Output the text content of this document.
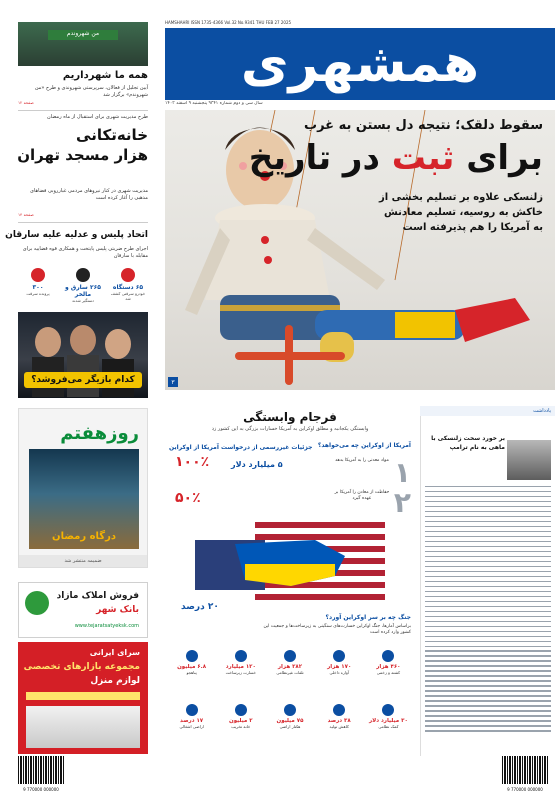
HAMSHAHRI ISSN 1735-4366 Vol.32 No.9341 THU FEB 27 2025
همشهری
سال سی و دوم شماره ۹۳۴۱ پنجشنبه ۹ اسفند ۱۴۰۳
سقوط دلقک؛ نتیجه دل بستن به غرب
برای ثبت در تاریخ
زلنسکی علاوه بر تسلیم بخشی از خاکش به روسیه، تسلیم معادنش به آمریکا را هم پذیرفته است
۳
من شهروندم
همه ما شهرداریم
آیین تجلیل از فعالان، سرپرستی شهروندی و طرح «من شهروندم» برگزار شد
صفحه ۱۲
طرح مدیریت شهری برای استقبال از ماه رمضان
خانه‌تکانی
هزار مسجد تهران
مدیریت شهری در کنار نیروهای مردمی غبارروبی فضاهای مذهبی را آغاز کرده است
صفحه ۱۴
اتحاد پلیس و عدلیه علیه سارقان
اجرای طرح ضربتی پلیس پایتخت و همکاری قوه قضاییه برای مقابله با سارقان
۶۵ دستگاه
خودرو سرقتی کشف شد
۲۶۵ سارق و مالخر
دستگیر شدند
۳۰۰
پرونده سرقت
کدام بازیگر می‌فروشد؟
روزهفتم
درگاه رمضان
ضمیمه منتشر شد
فروش املاک مازاد
بانک شهر
www.tejaratsatyeksk.com
سرای ایرانی
مجموعه بازارهای تخصصی
لوازم منزل
فرجام وابستگی
وابستگی یکجانبه و مطلق اوکراین به آمریکا خسارات بزرگی به این کشور زد
آمریکا از اوکراین چه می‌خواهد؟
جزئیات غیررسمی از درخواست آمریکا از اوکراین
۱
۲
مواد معدنی را به آمریکا بدهد
حفاظت از معادن را آمریکا بر عهده گیرد
۱۰۰٪
۵۰٪
۵ میلیارد دلار
۲۰ درصد
جنگ چه بر سر اوکراین آورد؟
براساس آمارها، جنگ اوکراین خسارت‌های سنگینی به زیرساخت‌ها و جمعیت این کشور وارد کرده است
۴۶۰ هزار
کشته و زخمی
۱۷۰ هزار
آواره داخلی
۲۸۲ هزار
تلفات غیرنظامی
۱۲۰ میلیارد
خسارت زیرساخت
۶.۸ میلیون
پناهجو
۳۰ میلیارد دلار
کمک نظامی
۳۸ درصد
کاهش تولید
۷۵ میلیون
هکتار اراضی
۲ میلیون
خانه تخریب
۱۷ درصد
اراضی اشغالی
یادداشت
بر خورد سخت زلنسکی با ماهی به نام ترامپ
9 770000 000000	9 770000 000000
